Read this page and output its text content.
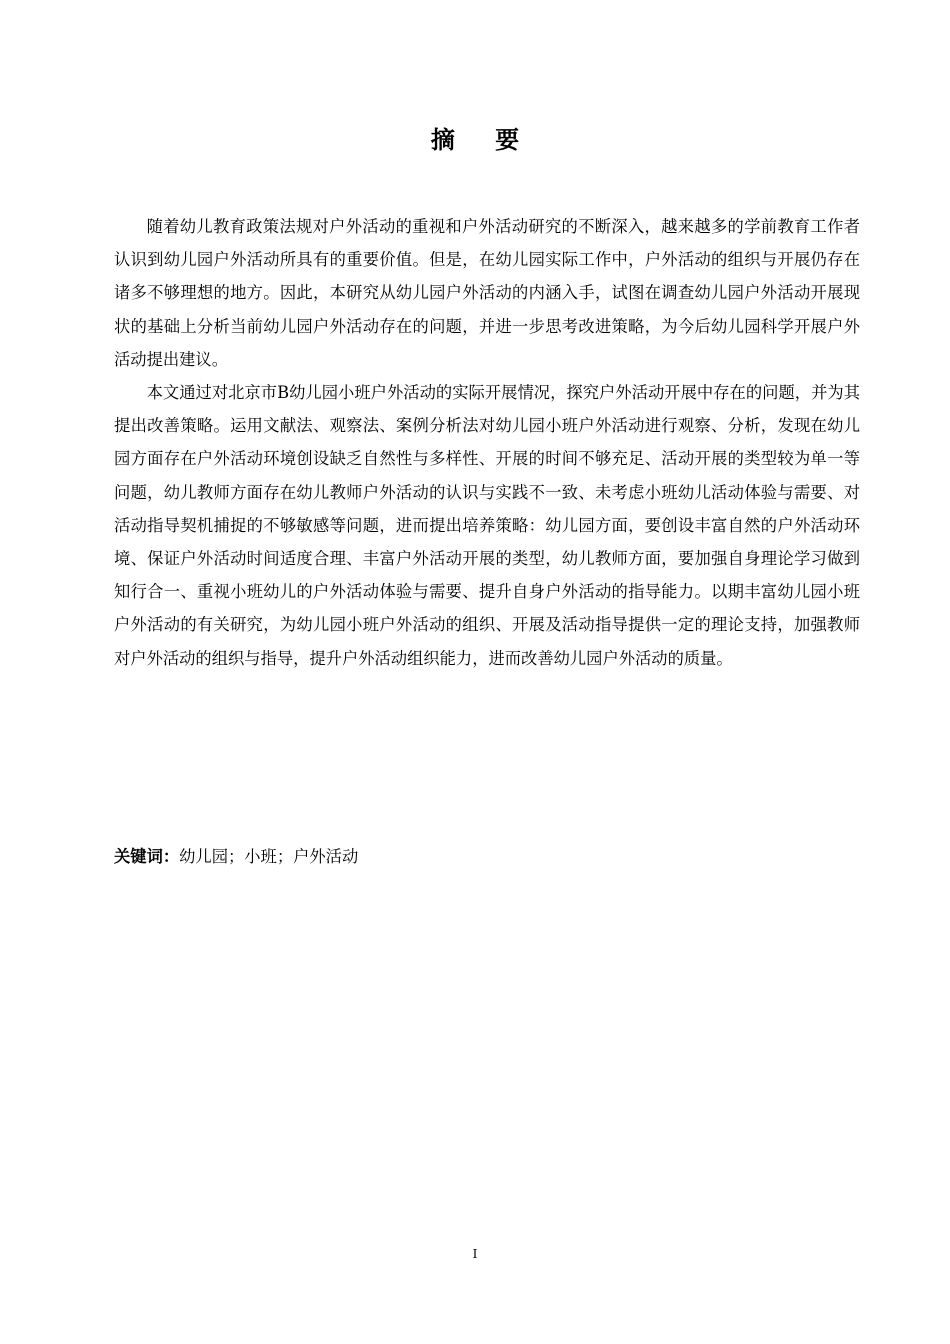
摘 要

随着幼儿教育政策法规对户外活动的重视和户外活动研究的不断深入，越来越多的学前教育工作者认识到幼儿园户外活动所具有的重要价值。但是，在幼儿园实际工作中，户外活动的组织与开展仍存在诸多不够理想的地方。因此，本研究从幼儿园户外活动的内涵入手，试图在调查幼儿园户外活动开展现状的基础上分析当前幼儿园户外活动存在的问题，并进一步思考改进策略，为今后幼儿园科学开展户外活动提出建议。

本文通过对北京市B幼儿园小班户外活动的实际开展情况，探究户外活动开展中存在的问题，并为其提出改善策略。运用文献法、观察法、案例分析法对幼儿园小班户外活动进行观察、分析，发现在幼儿园方面存在户外活动环境创设缺乏自然性与多样性、开展的时间不够充足、活动开展的类型较为单一等问题，幼儿教师方面存在幼儿教师户外活动的认识与实践不一致、未考虑小班幼儿活动体验与需要、对活动指导契机捕捉的不够敏感等问题，进而提出培养策略：幼儿园方面，要创设丰富自然的户外活动环境、保证户外活动时间适度合理、丰富户外活动开展的类型，幼儿教师方面，要加强自身理论学习做到知行合一、重视小班幼儿的户外活动体验与需要、提升自身户外活动的指导能力。以期丰富幼儿园小班户外活动的有关研究，为幼儿园小班户外活动的组织、开展及活动指导提供一定的理论支持，加强教师对户外活动的组织与指导，提升户外活动组织能力，进而改善幼儿园户外活动的质量。

关键词：幼儿园；小班；户外活动

I
